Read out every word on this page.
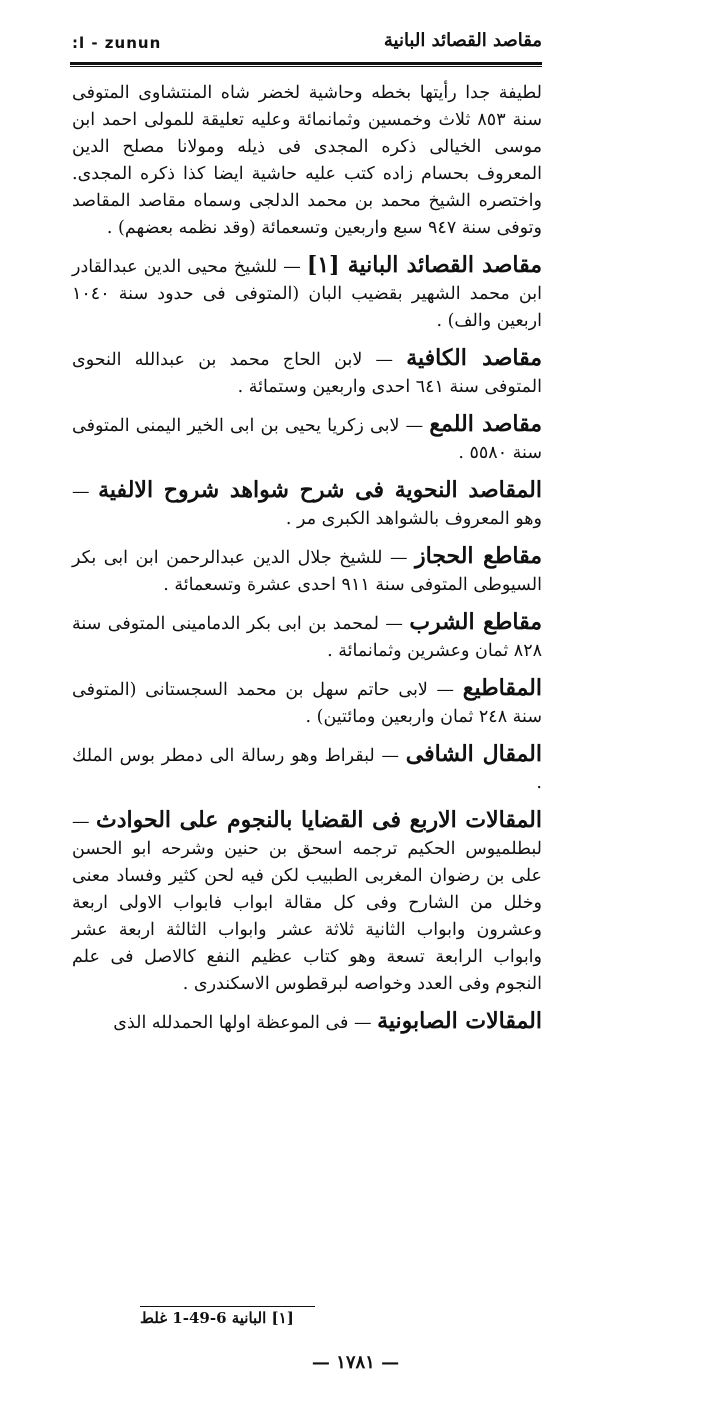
:l - zunun	مقاصد القصائد البانية

لطيفة جدا رأيتها بخطه وحاشية لخضر شاه المنتشاوى المتوفى سنة ٨٥٣ ثلاث وخمسين وثمانمائة وعليه تعليقة للمولى احمد ابن موسى الخيالى ذكره المجدى فى ذيله ومولانا مصلح الدين المعروف بحسام زاده كتب عليه حاشية ايضا كذا ذكره المجدى. واختصره الشيخ محمد بن محمد الدلجى وسماه مقاصد المقاصد وتوفى سنة ٩٤٧ سبع واربعين وتسعمائة (وقد نظمه بعضهم) .

مقاصد القصائد البانية [١] — للشيخ محيى الدين عبدالقادر ابن محمد الشهير بقضيب البان (المتوفى فى حدود سنة ١٠٤٠ اربعين والف) .

مقاصد الكافية — لابن الحاج محمد بن عبدالله النحوى المتوفى سنة ٦٤١ احدى واربعين وستمائة .

مقاصد اللمع — لابى زكريا يحيى بن ابى الخير اليمنى المتوفى سنة ٥٥٨٠ .

المقاصد النحوية فى شرح شواهد شروح الالفية — وهو المعروف بالشواهد الكبرى مر .

مقاطع الحجاز — للشيخ جلال الدين عبدالرحمن ابن ابى بكر السيوطى المتوفى سنة ٩١١ احدى عشرة وتسعمائة .

مقاطع الشرب — لمحمد بن ابى بكر الدمامينى المتوفى سنة ٨٢٨ ثمان وعشرين وثمانمائة .

المقاطيع — لابى حاتم سهل بن محمد السجستانى (المتوفى سنة ٢٤٨ ثمان واربعين ومائتين) .

المقال الشافى — لبقراط وهو رسالة الى دمطر بوس الملك .

المقالات الاربع فى القضايا بالنجوم على الحوادث — لبطلميوس الحكيم ترجمه اسحق بن حنين وشرحه ابو الحسن على بن رضوان المغربى الطبيب لكن فيه لحن كثير وفساد معنى وخلل من الشارح وفى كل مقالة ابواب فابواب الاولى اربعة وعشرون وابواب الثانية ثلاثة عشر وابواب الثالثة اربعة عشر وابواب الرابعة تسعة وهو كتاب عظيم النفع كالاصل فى علم النجوم وفى العدد وخواصه لبرقطوس الاسكندرى .

المقالات الصابونية — فى الموعظة اولها الحمدلله الذى

[١] البانية 6-49-1 غلط
— ١٧٨١ —
